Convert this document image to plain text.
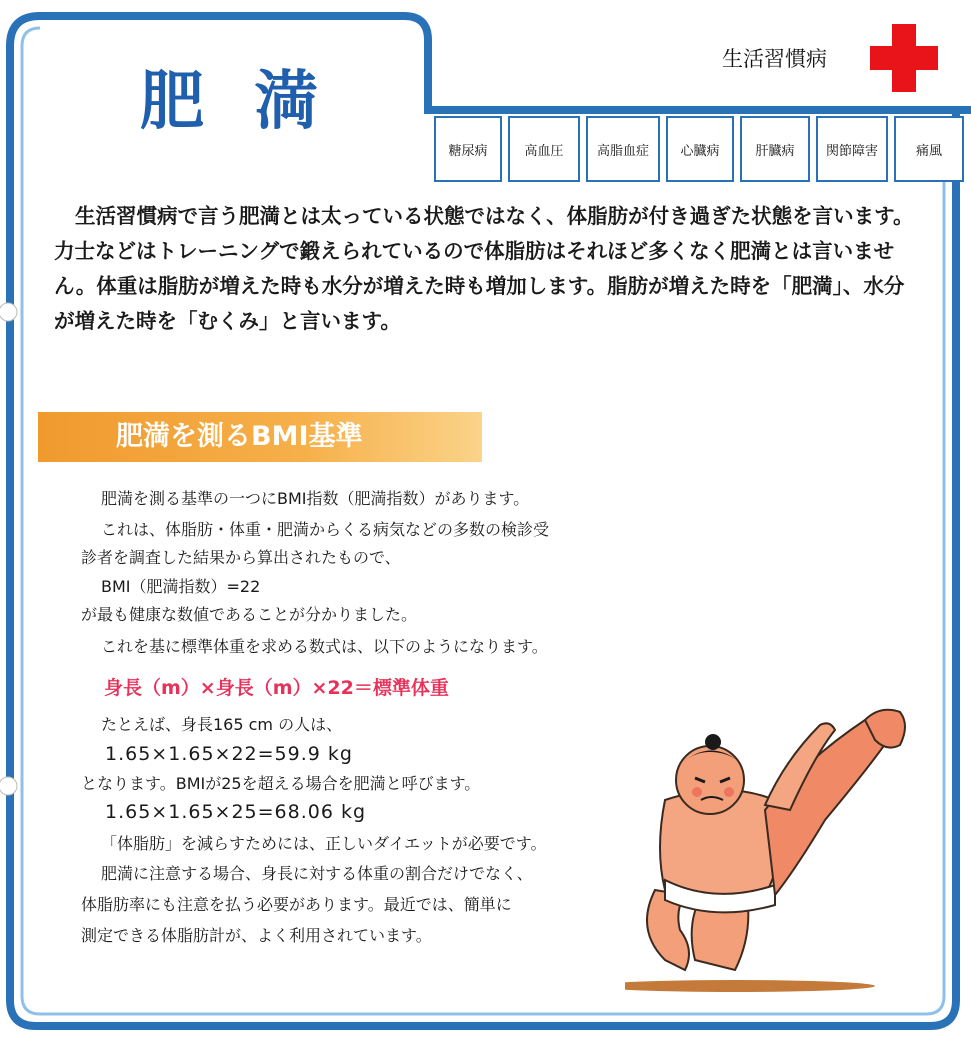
肥 満
生活習慣病
糖尿病	高血圧	高脂血症	心臓病	肝臓病	関節障害	痛風

生活習慣病で言う肥満とは太っている状態ではなく、体脂肪が付き過ぎた状態を言います。力士などはトレーニングで鍛えられているので体脂肪はそれほど多くなく肥満とは言いません。体重は脂肪が増えた時も水分が増えた時も増加します。脂肪が増えた時を「肥満」、水分が増えた時を「むくみ」と言います。

肥満を測るBMI基準

肥満を測る基準の一つにBMI指数（肥満指数）があります。

これは、体脂肪・体重・肥満からくる病気などの多数の検診受

診者を調査した結果から算出されたもので、

BMI（肥満指数）=22

が最も健康な数値であることが分かりました。

これを基に標準体重を求める数式は、以下のようになります。

身長（m）×身長（m）×22＝標準体重

たとえば、身長165 cm の人は、

1.65×1.65×22=59.9 kg

となります。BMIが25を超える場合を肥満と呼びます。

1.65×1.65×25=68.06 kg

「体脂肪」を減らすためには、正しいダイエットが必要です。

肥満に注意する場合、身長に対する体重の割合だけでなく、

体脂肪率にも注意を払う必要があります。最近では、簡単に

測定できる体脂肪計が、よく利用されています。
